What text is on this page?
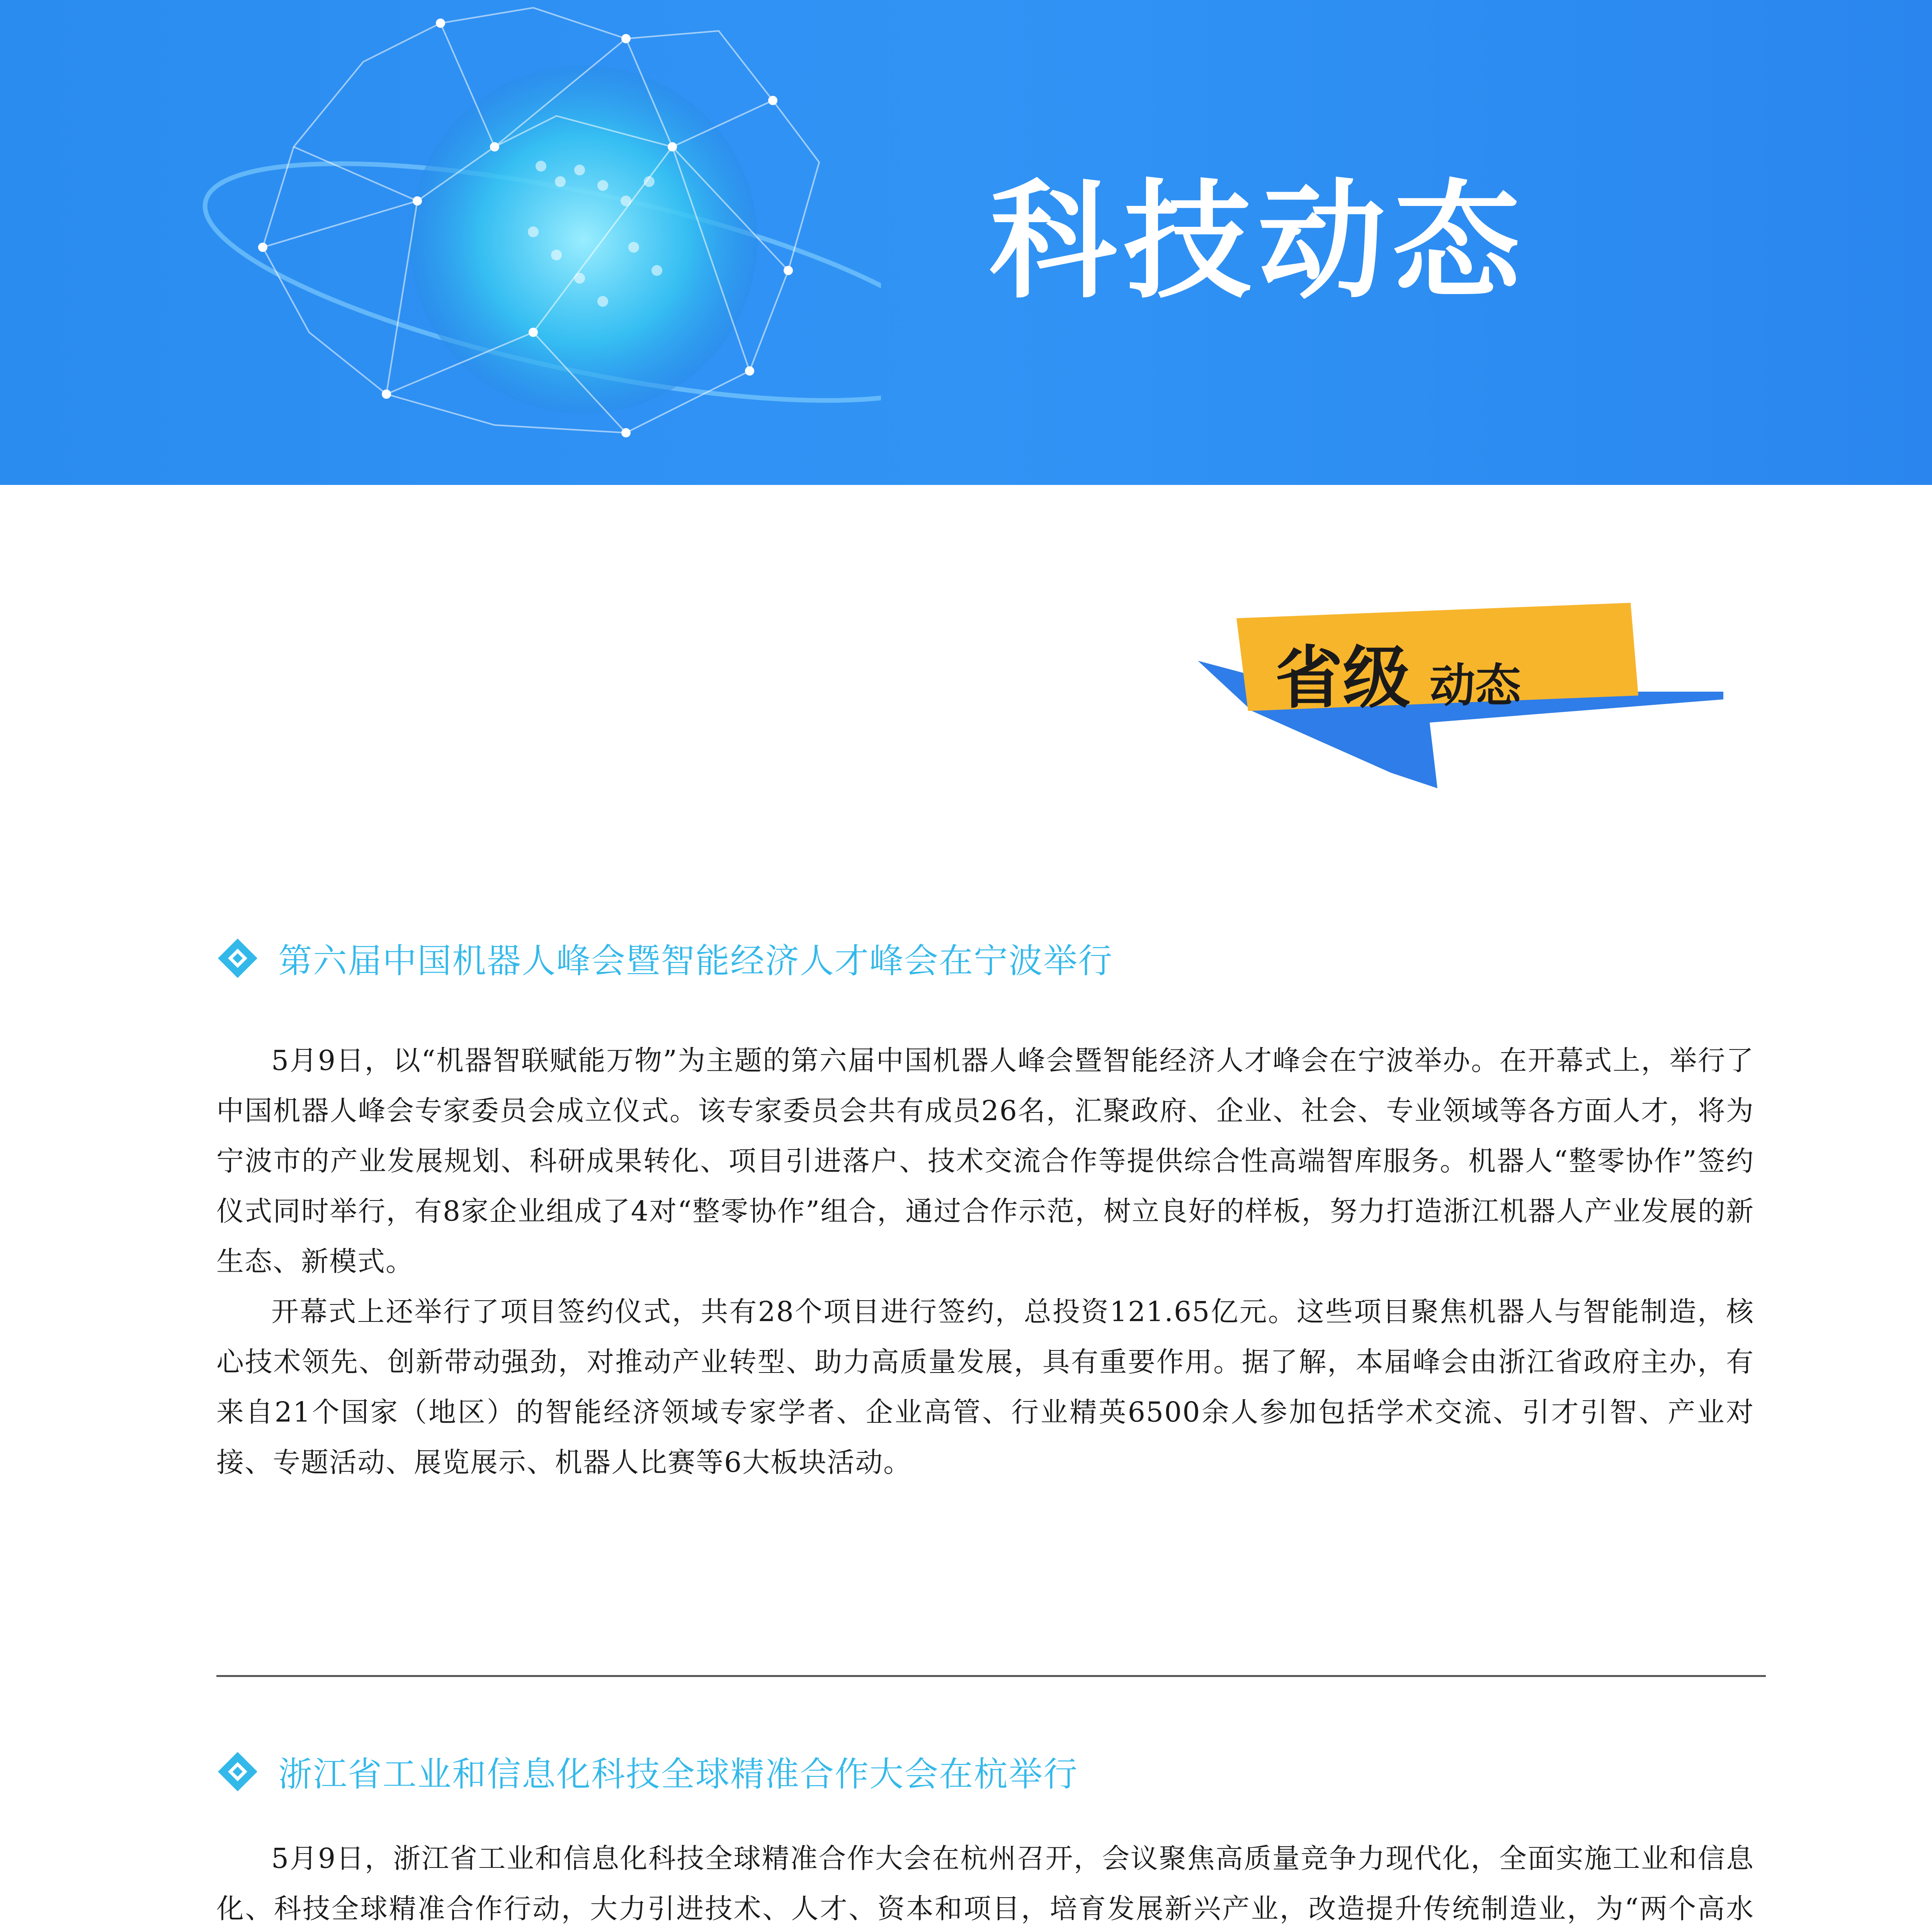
科技动态
省级 动态
第六届中国机器人峰会暨智能经济人才峰会在宁波举行

5月9日，以“机器智联赋能万物”为主题的第六届中国机器人峰会暨智能经济人才峰会在宁波举办。在开幕式上，举行了中国机器人峰会专家委员会成立仪式。该专家委员会共有成员26名，汇聚政府、企业、社会、专业领域等各方面人才，将为宁波市的产业发展规划、科研成果转化、项目引进落户、技术交流合作等提供综合性高端智库服务。机器人“整零协作”签约仪式同时举行，有8家企业组成了4对“整零协作”组合，通过合作示范，树立良好的样板，努力打造浙江机器人产业发展的新生态、新模式。

开幕式上还举行了项目签约仪式，共有28个项目进行签约，总投资121.65亿元。这些项目聚焦机器人与智能制造，核心技术领先、创新带动强劲，对推动产业转型、助力高质量发展，具有重要作用。据了解，本届峰会由浙江省政府主办，有来自21个国家（地区）的智能经济领域专家学者、企业高管、行业精英6500余人参加包括学术交流、引才引智、产业对接、专题活动、展览展示、机器人比赛等6大板块活动。

浙江省工业和信息化科技全球精准合作大会在杭举行

5月9日，浙江省工业和信息化科技全球精准合作大会在杭州召开，会议聚焦高质量竞争力现代化，全面实施工业和信息化、科技全球精准合作行动，大力引进技术、人才、资本和项目，培育发展新兴产业，改造提升传统制造业，为“两个高水
